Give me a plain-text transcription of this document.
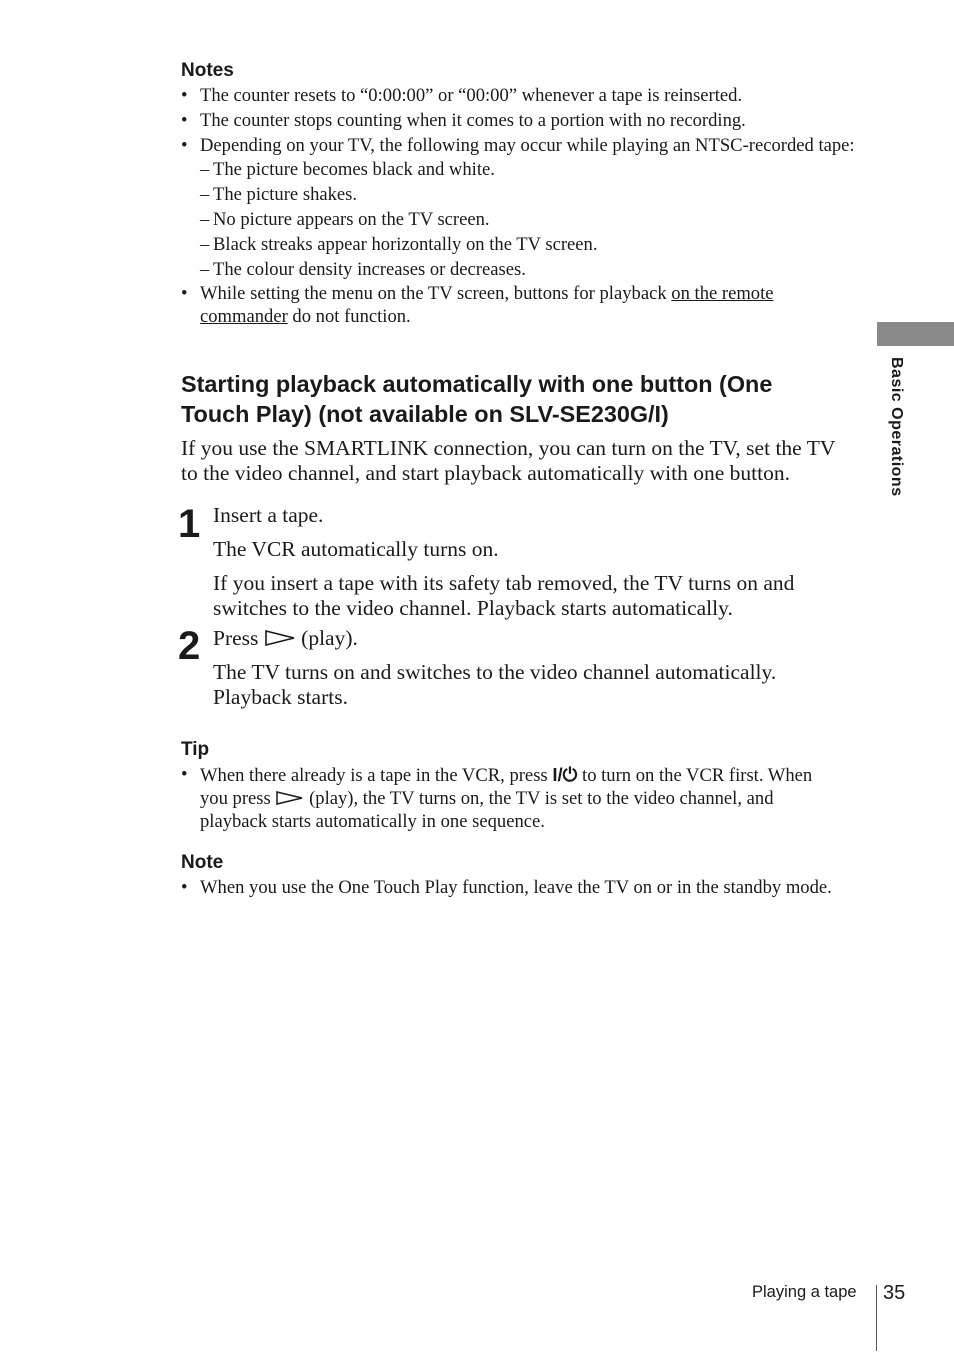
Notes
• The counter resets to “0:00:00” or “00:00” whenever a tape is reinserted.
• The counter stops counting when it comes to a portion with no recording.
• Depending on your TV, the following may occur while playing an NTSC-recorded tape:
– The picture becomes black and white.
– The picture shakes.
– No picture appears on the TV screen.
– Black streaks appear horizontally on the TV screen.
– The colour density increases or decreases.
• While setting the menu on the TV screen, buttons for playback on the remote
commander do not function.
Starting playback automatically with one button (One
Touch Play) (not available on SLV-SE230G/I)
If you use the SMARTLINK connection, you can turn on the TV, set the TV
to the video channel, and start playback automatically with one button.
1 Insert a tape.
The VCR automatically turns on.
If you insert a tape with its safety tab removed, the TV turns on and
switches to the video channel. Playback starts automatically.
2 Press (play).
The TV turns on and switches to the video channel automatically.
Playback starts.
Tip
• When there already is a tape in the VCR, press I/⏻ to turn on the VCR first. When
you press (play), the TV turns on, the TV is set to the video channel, and
playback starts automatically in one sequence.
Note
• When you use the One Touch Play function, leave the TV on or in the standby mode.
Basic Operations
Playing a tape 35
